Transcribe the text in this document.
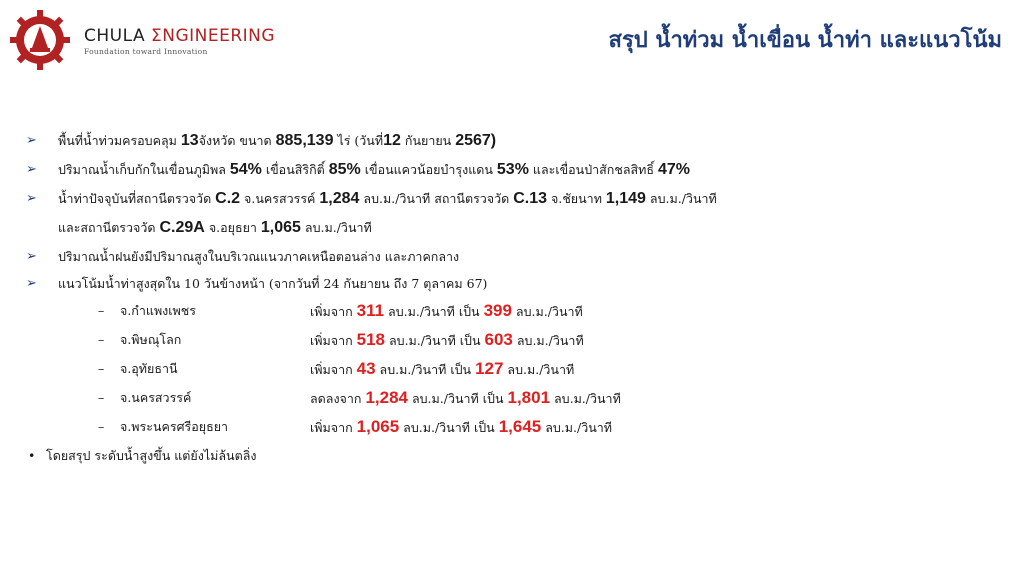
CHULA ΣNGINEERING
Foundation toward Innovation	สรุป น้ำท่วม น้ำเขื่อน น้ำท่า และแนวโน้ม
➢ พื้นที่น้ำท่วมครอบคลุม 13จังหวัด ขนาด 885,139 ไร่ (วันที่12 กันยายน 2567)
➢ ปริมาณน้ำเก็บกักในเขื่อนภูมิพล 54% เขื่อนสิริกิติ์ 85% เขื่อนแควน้อยบำรุงแดน 53% และเขื่อนป่าสักชลสิทธิ์ 47%
➢ น้ำท่าปัจจุบันที่สถานีตรวจวัด C.2 จ.นครสวรรค์ 1,284 ลบ.ม./วินาที สถานีตรวจวัด C.13 จ.ชัยนาท 1,149 ลบ.ม./วินาที
และสถานีตรวจวัด C.29A จ.อยุธยา 1,065 ลบ.ม./วินาที
➢ ปริมาณน้ำฝนยังมีปริมาณสูงในบริเวณแนวภาคเหนือตอนล่าง และภาคกลาง
➢ แนวโน้มน้ำท่าสูงสุดใน 10 วันข้างหน้า (จากวันที่ 24 กันยายน ถึง 7 ตุลาคม 67)
– จ.กำแพงเพชร	เพิ่มจาก 311 ลบ.ม./วินาที เป็น 399 ลบ.ม./วินาที
– จ.พิษณุโลก	เพิ่มจาก 518 ลบ.ม./วินาที เป็น 603 ลบ.ม./วินาที
– จ.อุทัยธานี	เพิ่มจาก 43 ลบ.ม./วินาที เป็น 127 ลบ.ม./วินาที
– จ.นครสวรรค์	ลดลงจาก 1,284 ลบ.ม./วินาที เป็น 1,801 ลบ.ม./วินาที
– จ.พระนครศรีอยุธยา	เพิ่มจาก 1,065 ลบ.ม./วินาที เป็น 1,645 ลบ.ม./วินาที
• โดยสรุป ระดับน้ำสูงขึ้น แต่ยังไม่ล้นตลิ่ง
